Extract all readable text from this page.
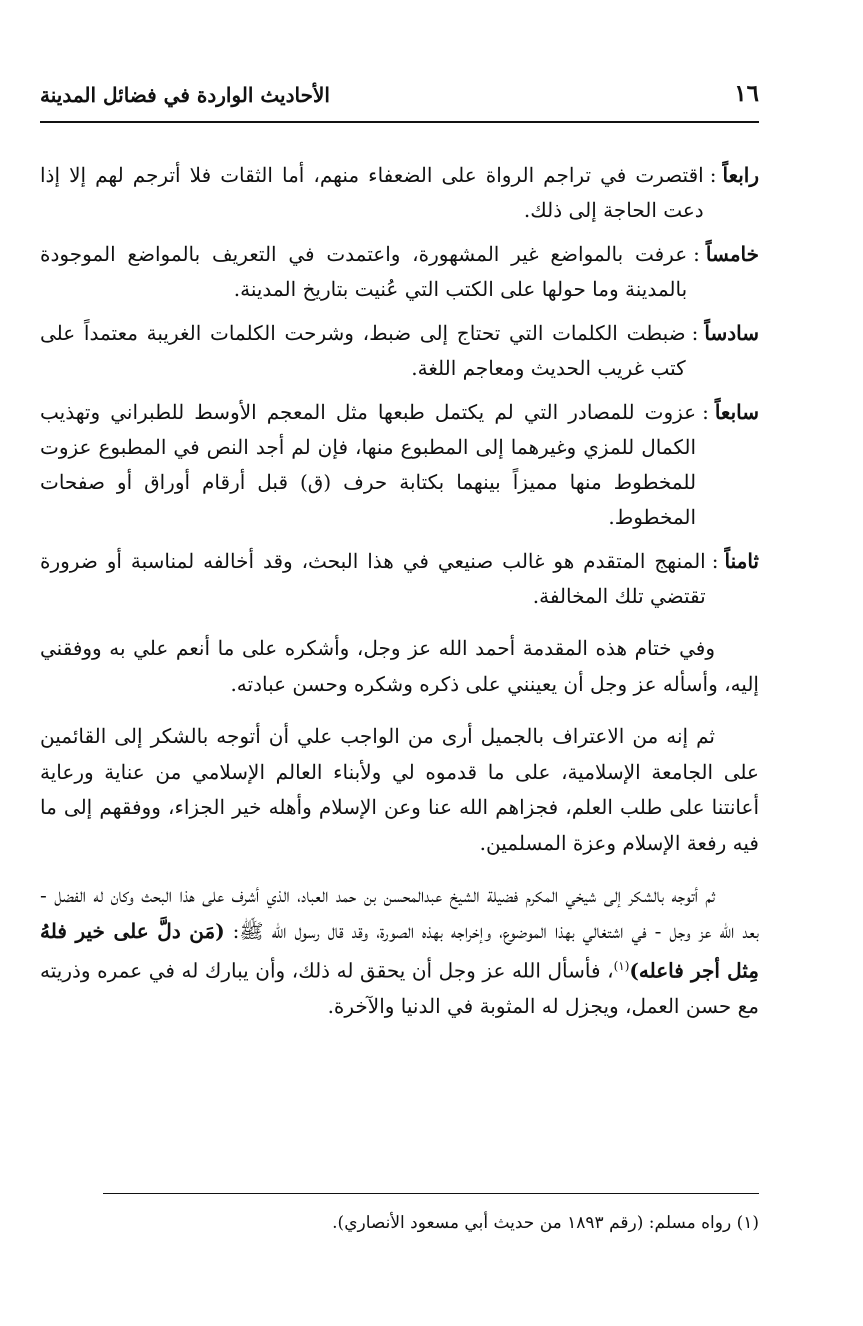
١٦
الأحاديث الواردة في فضائل المدينة
رابعاً
:
اقتصرت في تراجم الرواة على الضعفاء منهم، أما الثقات فلا أترجم لهم إلا إذا دعت الحاجة إلى ذلك.
خامساً
:
عرفت بالمواضع غير المشهورة، واعتمدت في التعريف بالمواضع الموجودة بالمدينة وما حولها على الكتب التي عُنيت بتاريخ المدينة.
سادساً
:
ضبطت الكلمات التي تحتاج إلى ضبط، وشرحت الكلمات الغريبة معتمداً على كتب غريب الحديث ومعاجم اللغة.
سابعاً
:
عزوت للمصادر التي لم يكتمل طبعها مثل المعجم الأوسط للطبراني وتهذيب الكمال للمزي وغيرهما إلى المطبوع منها، فإن لم أجد النص في المطبوع عزوت للمخطوط منها مميزاً بينهما بكتابة حرف (ق) قبل أرقام أوراق أو صفحات المخطوط.
ثامناً
:
المنهج المتقدم هو غالب صنيعي في هذا البحث، وقد أخالفه لمناسبة أو ضرورة تقتضي تلك المخالفة.

وفي ختام هذه المقدمة أحمد الله عز وجل، وأشكره على ما أنعم علي به ووفقني إليه، وأسأله عز وجل أن يعينني على ذكره وشكره وحسن عبادته.

ثم إنه من الاعتراف بالجميل أرى من الواجب علي أن أتوجه بالشكر إلى القائمين على الجامعة الإسلامية، على ما قدموه لي ولأبناء العالم الإسلامي من عناية ورعاية أعانتنا على طلب العلم، فجزاهم الله عنا وعن الإسلام وأهله خير الجزاء، ووفقهم إلى ما فيه رفعة الإسلام وعزة المسلمين.

ثم أتوجه بالشكر إلى شيخي المكرم فضيلة الشيخ عبدالمحسن بن حمد العباد، الذي أشرف على هذا البحث وكان له الفضل - بعد الله عز وجل - في اشتغالي بهذا الموضوع، وإخراجه بهذه الصورة، وقد قال رسول الله ﷺ: (مَن دلَّ على خير فلهُ مِثل أجر فاعله)$^{(١)}$، فأسأل الله عز وجل أن يحقق له ذلك، وأن يبارك له في عمره وذريته مع حسن العمل، ويجزل له المثوبة في الدنيا والآخرة.

(١) رواه مسلم: (رقم ١٨٩٣ من حديث أبي مسعود الأنصاري).
